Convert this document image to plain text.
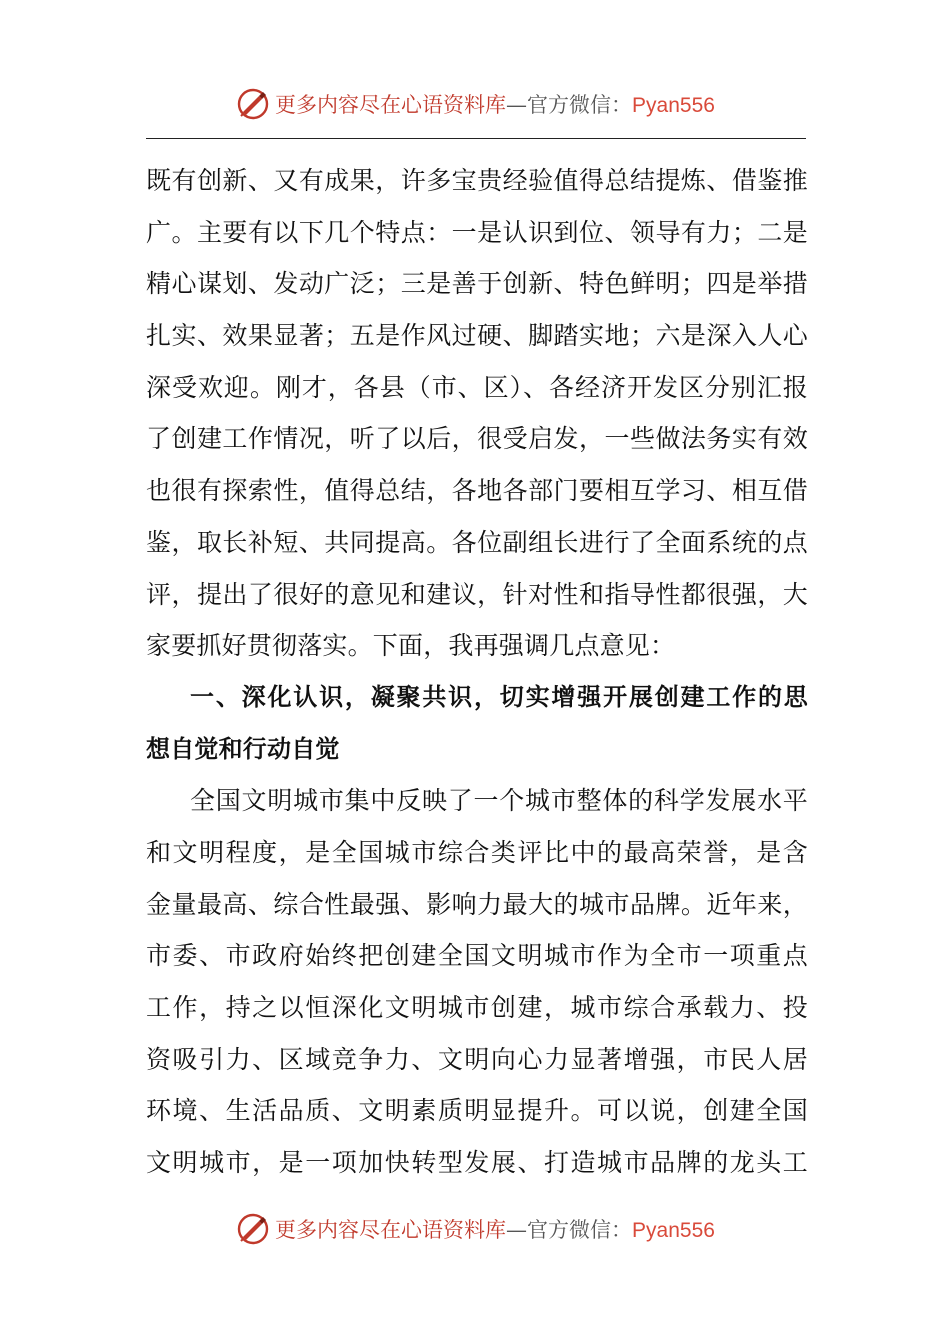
更多内容尽在心语资料库—官方微信：Pyan556
既有创新、又有成果，许多宝贵经验值得总结提炼、借鉴推
广。主要有以下几个特点：一是认识到位、领导有力；二是
精心谋划、发动广泛；三是善于创新、特色鲜明；四是举措
扎实、效果显著；五是作风过硬、脚踏实地；六是深入人心
深受欢迎。刚才，各县（市、区）、各经济开发区分别汇报
了创建工作情况，听了以后，很受启发，一些做法务实有效
也很有探索性，值得总结，各地各部门要相互学习、相互借
鉴，取长补短、共同提高。各位副组长进行了全面系统的点
评，提出了很好的意见和建议，针对性和指导性都很强，大
家要抓好贯彻落实。下面，我再强调几点意见：
一、深化认识，凝聚共识，切实增强开展创建工作的思
想自觉和行动自觉
全国文明城市集中反映了一个城市整体的科学发展水平
和文明程度，是全国城市综合类评比中的最高荣誉，是含
金量最高、综合性最强、影响力最大的城市品牌。近年来，
市委、市政府始终把创建全国文明城市作为全市一项重点
工作，持之以恒深化文明城市创建，城市综合承载力、投
资吸引力、区域竞争力、文明向心力显著增强，市民人居
环境、生活品质、文明素质明显提升。可以说，创建全国
文明城市，是一项加快转型发展、打造城市品牌的龙头工
更多内容尽在心语资料库—官方微信：Pyan556
